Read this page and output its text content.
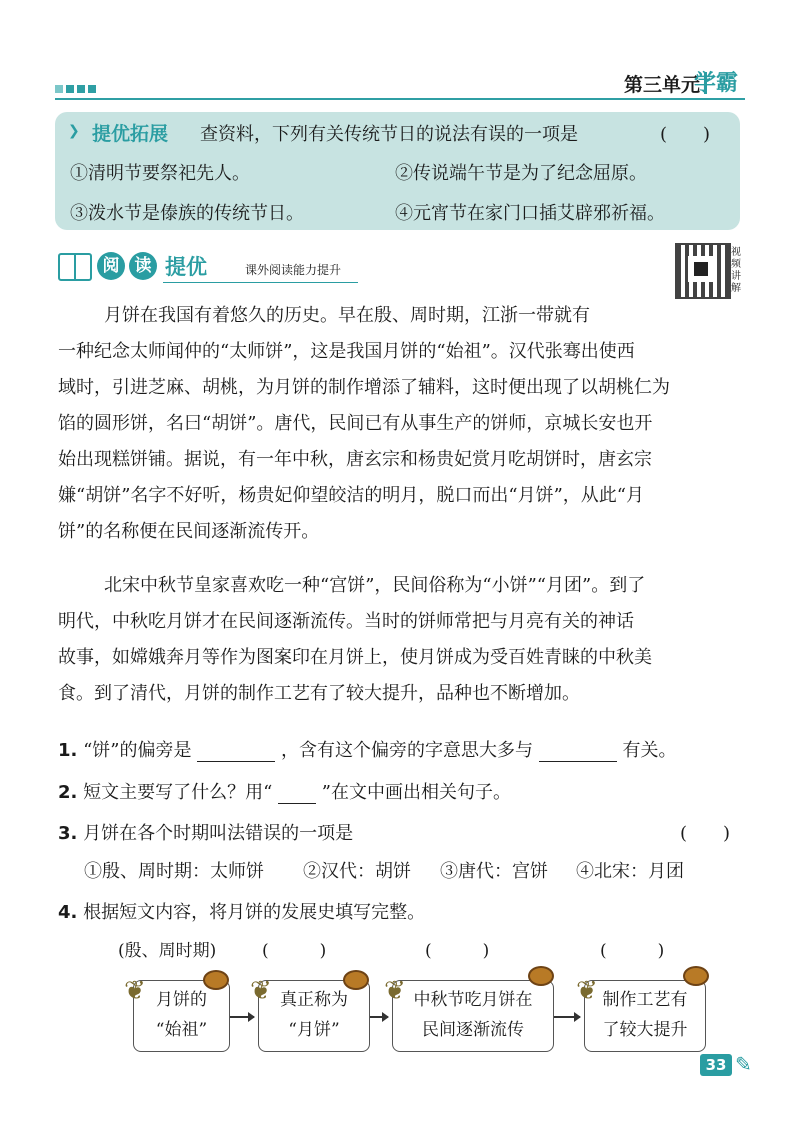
第三单元
学霸
❯ 提优拓展 查资料，下列有关传统节日的说法有误的一项是	(　　)
①清明节要祭祀先人。	②传说端午节是为了纪念屈原。
③泼水节是傣族的传统节日。	④元宵节在家门口插艾辟邪祈福。
阅 读 提优	课外阅读能力提升
视频讲解
月饼在我国有着悠久的历史。早在殷、周时期，江浙一带就有
一种纪念太师闻仲的“太师饼”，这是我国月饼的“始祖”。汉代张骞出使西
域时，引进芝麻、胡桃，为月饼的制作增添了辅料，这时便出现了以胡桃仁为
馅的圆形饼，名曰“胡饼”。唐代，民间已有从事生产的饼师，京城长安也开
始出现糕饼铺。据说，有一年中秋，唐玄宗和杨贵妃赏月吃胡饼时，唐玄宗
嫌“胡饼”名字不好听，杨贵妃仰望皎洁的明月，脱口而出“月饼”，从此“月
饼”的名称便在民间逐渐流传开。
北宋中秋节皇家喜欢吃一种“宫饼”，民间俗称为“小饼”“月团”。到了
明代，中秋吃月饼才在民间逐渐流传。当时的饼师常把与月亮有关的神话
故事，如嫦娥奔月等作为图案印在月饼上，使月饼成为受百姓青睐的中秋美
食。到了清代，月饼的制作工艺有了较大提升，品种也不断增加。
1. “饼”的偏旁是	，含有这个偏旁的字意思大多与	有关。
2. 短文主要写了什么？用“	”在文中画出相关句子。
3. 月饼在各个时期叫法错误的一项是	(　　)
①殷、周时期：太师饼 ②汉代：胡饼 ③唐代：宫饼 ④北宋：月团
4. 根据短文内容，将月饼的发展史填写完整。
(殷、周时期)	(　　　)	(　　　)	(　　　)
月饼的
“始祖”
真正称为
“月饼”
中秋节吃月饼在
民间逐渐流传
制作工艺有
了较大提升
❦	❦	❦	❦
33 ✎
